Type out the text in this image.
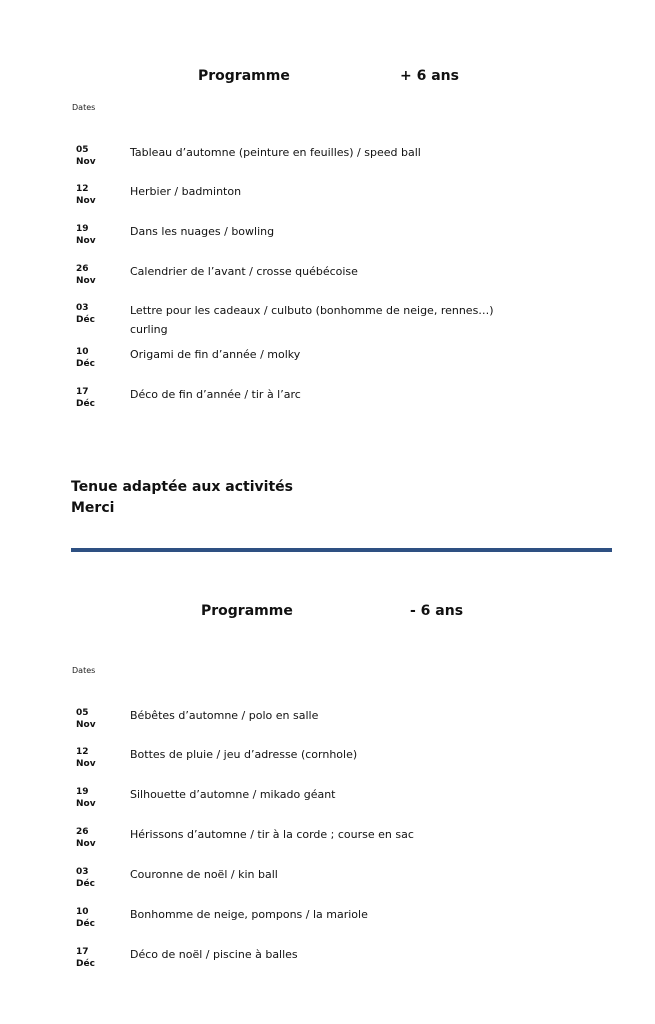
Programme	+ 6 ans
Dates
05
Nov
Tableau d’automne (peinture en feuilles) / speed ball
12
Nov
Herbier / badminton
19
Nov
Dans les nuages / bowling
26
Nov
Calendrier de l’avant / crosse québécoise
03
Déc
Lettre pour les cadeaux / culbuto (bonhomme de neige, rennes…)
curling
10
Déc
Origami de fin d’année / molky
17
Déc
Déco de fin d’année / tir à l’arc
Tenue adaptée aux activités
Merci
Programme	- 6 ans
Dates
05
Nov
Bébêtes d’automne / polo en salle
12
Nov
Bottes de pluie / jeu d’adresse (cornhole)
19
Nov
Silhouette d’automne / mikado géant
26
Nov
Hérissons d’automne / tir à la corde ; course en sac
03
Déc
Couronne de noël / kin ball
10
Déc
Bonhomme de neige, pompons / la mariole
17
Déc
Déco de noël / piscine à balles
